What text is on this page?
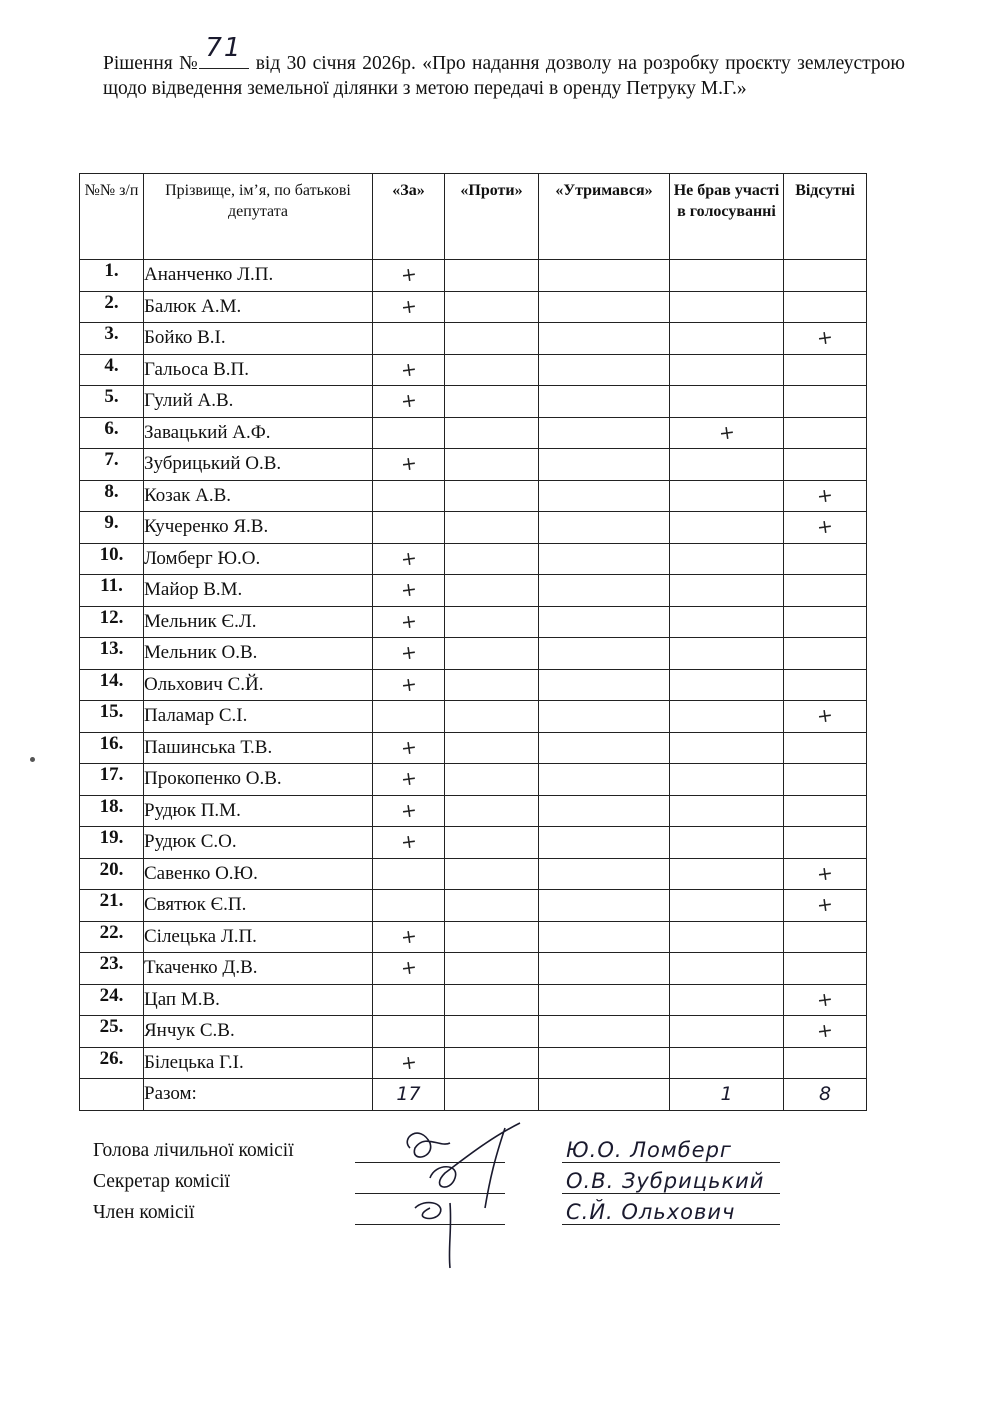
Рішення №
71
від 30 січня 2026р. «Про надання дозволу на розробку проєкту землеустрою щодо відведення земельної ділянки з метою передачі в оренду Петруку М.Г.»
№№ з/п	Прізвище, ім’я, по батькові депутата	«За»	«Проти»	«Утримався»	Не брав участі в голосуванні	Відсутні
1.	Ананченко Л.П.	+				
2.	Балюк А.М.	+				
3.	Бойко В.І.					+
4.	Гальоса В.П.	+				
5.	Гулий А.В.	+				
6.	Завацький А.Ф.				+	
7.	Зубрицький О.В.	+				
8.	Козак А.В.					+
9.	Кучеренко Я.В.					+
10.	Ломберг Ю.О.	+				
11.	Майор В.М.	+				
12.	Мельник Є.Л.	+				
13.	Мельник О.В.	+				
14.	Ольхович С.Й.	+				
15.	Паламар С.І.					+
16.	Пашинська Т.В.	+				
17.	Прокопенко О.В.	+				
18.	Рудюк П.М.	+				
19.	Рудюк С.О.	+				
20.	Савенко О.Ю.					+
21.	Святюк Є.П.					+
22.	Сілецька Л.П.	+				
23.	Ткаченко Д.В.	+				
24.	Цап М.В.					+
25.	Янчук С.В.					+
26.	Білецька Г.І.	+				
	Разом:	17			1	8
Голова лічильної комісії
Секретар комісії
Член комісії
Ю.О. Ломберг
О.В. Зубрицький
С.Й. Ольхович
